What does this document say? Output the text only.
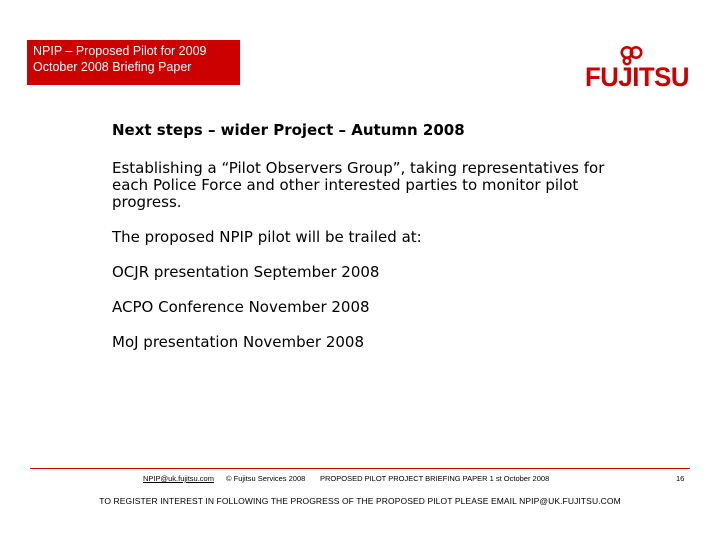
NPIP – Proposed Pilot for 2009
October 2008 Briefing Paper	FUJITSU

Next steps – wider Project – Autumn 2008

Establishing a “Pilot Observers Group”, taking representatives for each Police Force and other interested parties to monitor pilot progress.

The proposed NPIP pilot will be trailed at:

OCJR presentation September 2008

ACPO Conference November 2008

MoJ presentation November 2008

NPIP@uk.fujitsu.com © Fujitsu Services 2008 PROPOSED PILOT PROJECT BRIEFING PAPER 1 st October 2008	16
TO REGISTER INTEREST IN FOLLOWING THE PROGRESS OF THE PROPOSED PILOT PLEASE EMAIL NPIP@UK.FUJITSU.COM
